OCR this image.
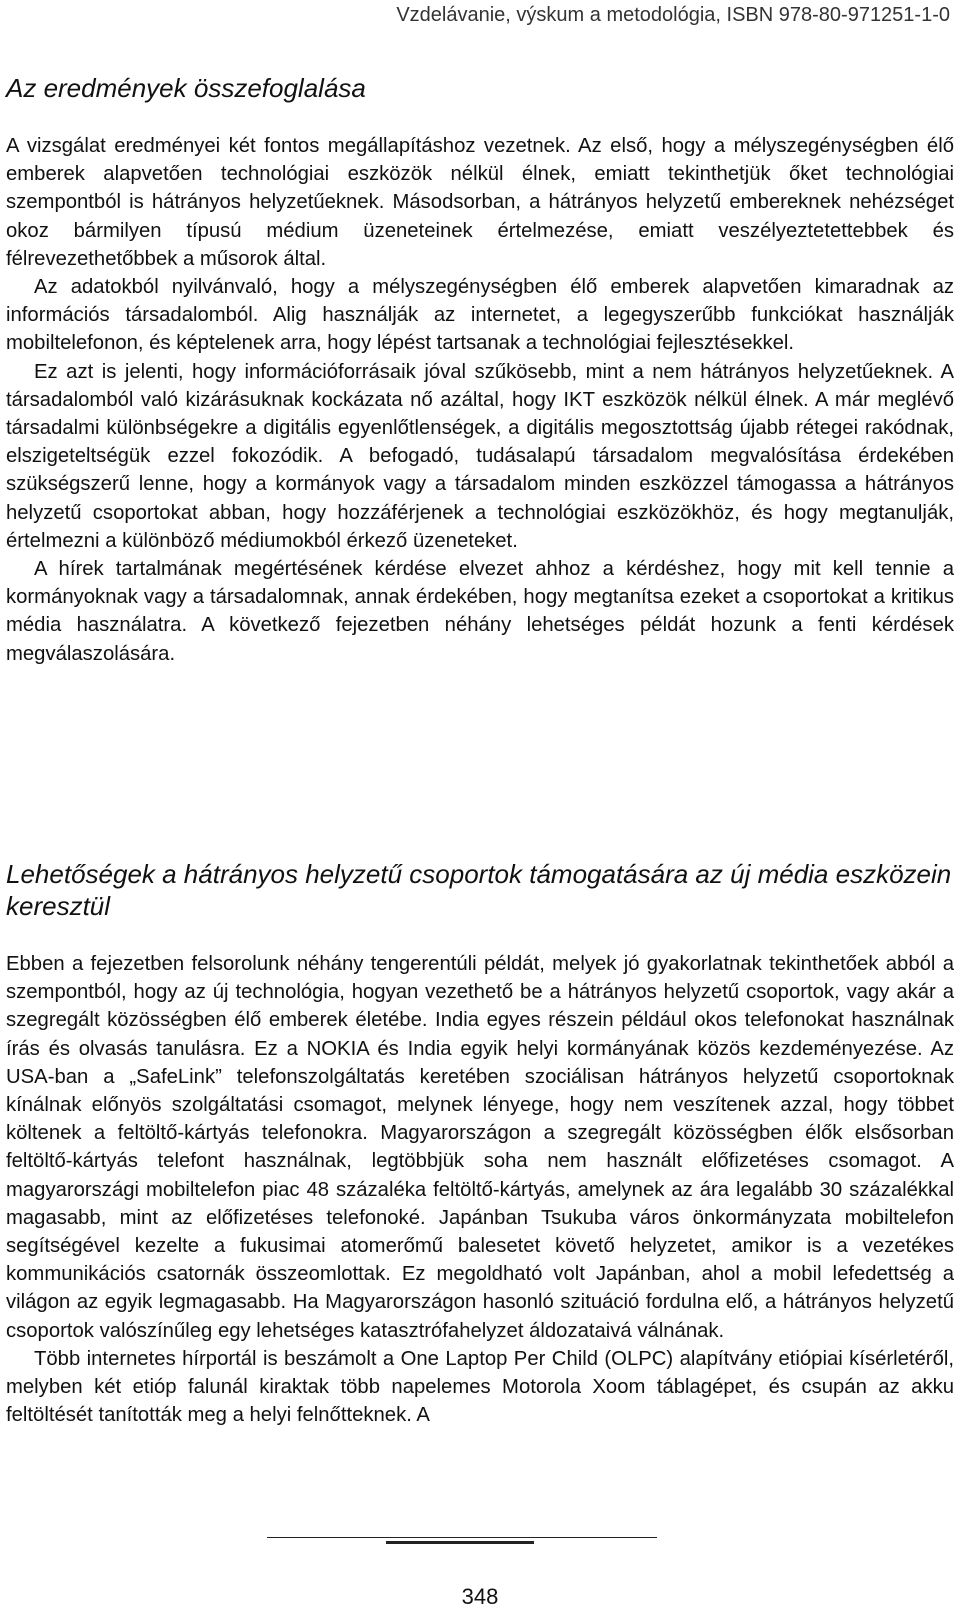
Vzdelávanie, výskum a metodológia, ISBN 978-80-971251-1-0
Az eredmények összefoglalása

A vizsgálat eredményei két fontos megállapításhoz vezetnek. Az első, hogy a mélyszegénységben élő emberek alapvetően technológiai eszközök nélkül élnek, emiatt tekinthetjük őket technológiai szempontból is hátrányos helyzetűeknek. Másodsorban, a hátrányos helyzetű embereknek nehézséget okoz bármilyen típusú médium üzeneteinek értelmezése, emiatt veszélyeztetettebbek és félrevezethetőbbek a műsorok által.

Az adatokból nyilvánvaló, hogy a mélyszegénységben élő emberek alapvetően kimaradnak az információs társadalomból. Alig használják az internetet, a legegyszerűbb funkciókat használják mobiltelefonon, és képtelenek arra, hogy lépést tartsanak a technológiai fejlesztésekkel.

Ez azt is jelenti, hogy információforrásaik jóval szűkösebb, mint a nem hátrányos helyzetűeknek. A társadalomból való kizárásuknak kockázata nő azáltal, hogy IKT eszközök nélkül élnek. A már meglévő társadalmi különbségekre a digitális egyenlőtlenségek, a digitális megosztottság újabb rétegei rakódnak, elszigeteltségük ezzel fokozódik. A befogadó, tudásalapú társadalom megvalósítása érdekében szükségszerű lenne, hogy a kormányok vagy a társadalom minden eszközzel támogassa a hátrányos helyzetű csoportokat abban, hogy hozzáférjenek a technológiai eszközökhöz, és hogy megtanulják, értelmezni a különböző médiumokból érkező üzeneteket.

A hírek tartalmának megértésének kérdése elvezet ahhoz a kérdéshez, hogy mit kell tennie a kormányoknak vagy a társadalomnak, annak érdekében, hogy megtanítsa ezeket a csoportokat a kritikus média használatra. A következő fejezetben néhány lehetséges példát hozunk a fenti kérdések megválaszolására.

Lehetőségek a hátrányos helyzetű csoportok támogatására az új média eszközein keresztül

Ebben a fejezetben felsorolunk néhány tengerentúli példát, melyek jó gyakorlatnak tekinthetőek abból a szempontból, hogy az új technológia, hogyan vezethető be a hátrányos helyzetű csoportok, vagy akár a szegregált közösségben élő emberek életébe. India egyes részein például okos telefonokat használnak írás és olvasás tanulásra. Ez a NOKIA és India egyik helyi kormányának közös kezdeményezése. Az USA-ban a „SafeLink” telefonszolgáltatás keretében szociálisan hátrányos helyzetű csoportoknak kínálnak előnyös szolgáltatási csomagot, melynek lényege, hogy nem veszítenek azzal, hogy többet költenek a feltöltő-kártyás telefonokra. Magyarországon a szegregált közösségben élők elsősorban feltöltő-kártyás telefont használnak, legtöbbjük soha nem használt előfizetéses csomagot. A magyarországi mobiltelefon piac 48 százaléka feltöltő-kártyás, amelynek az ára legalább 30 százalékkal magasabb, mint az előfizetéses telefonoké. Japánban Tsukuba város önkormányzata mobiltelefon segítségével kezelte a fukusimai atomerőmű balesetet követő helyzetet, amikor is a vezetékes kommunikációs csatornák összeomlottak. Ez megoldható volt Japánban, ahol a mobil lefedettség a világon az egyik legmagasabb. Ha Magyarországon hasonló szituáció fordulna elő, a hátrányos helyzetű csoportok valószínűleg egy lehetséges katasztrófahelyzet áldozataivá válnának.

Több internetes hírportál is beszámolt a One Laptop Per Child (OLPC) alapítvány etiópiai kísérletéről, melyben két etióp falunál kiraktak több napelemes Motorola Xoom táblagépet, és csupán az akku feltöltését tanították meg a helyi felnőtteknek. A

348
